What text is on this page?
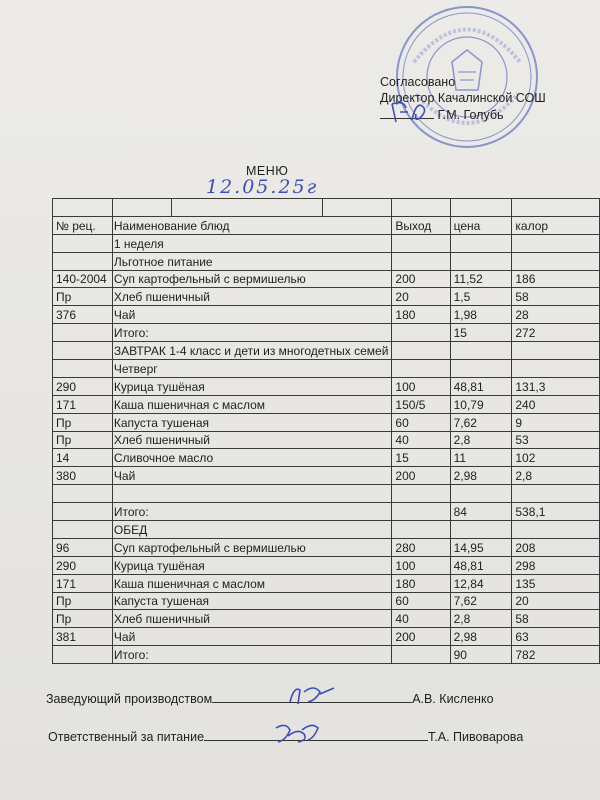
Согласовано
Директор Качалинской СОШ
Г.М. Голубь
МЕНЮ
12.05.25г

№ рец.	Наименование блюд			Выход	цена	калор
	1 неделя					
	Льготное питание					
140-2004	Суп картофельный с вермишелью			200	11,52	186
Пр	Хлеб пшеничный			20	1,5	58
376	Чай			180	1,98	28
	Итого:				15	272
	ЗАВТРАК 1-4 класс и дети из многодетных семей					
	Четверг					
290	Курица тушёная			100	48,81	131,3
171	Каша пшеничная с маслом			150/5	10,79	240
Пр	Капуста тушеная			60	7,62	9
Пр	Хлеб пшеничный			40	2,8	53
14	Сливочное масло			15	11	102
380	Чай			200	2,98	2,8

	Итого:				84	538,1
	ОБЕД					
96	Суп картофельный с вермишелью			280	14,95	208
290	Курица тушёная			100	48,81	298
171	Каша пшеничная с маслом			180	12,84	135
Пр	Капуста тушеная			60	7,62	20
Пр	Хлеб пшеничный			40	2,8	58
381	Чай			200	2,98	63
	Итого:				90	782
Заведующий производством	А.В. Кисленко
Ответственный за питание	Т.А. Пивоварова
